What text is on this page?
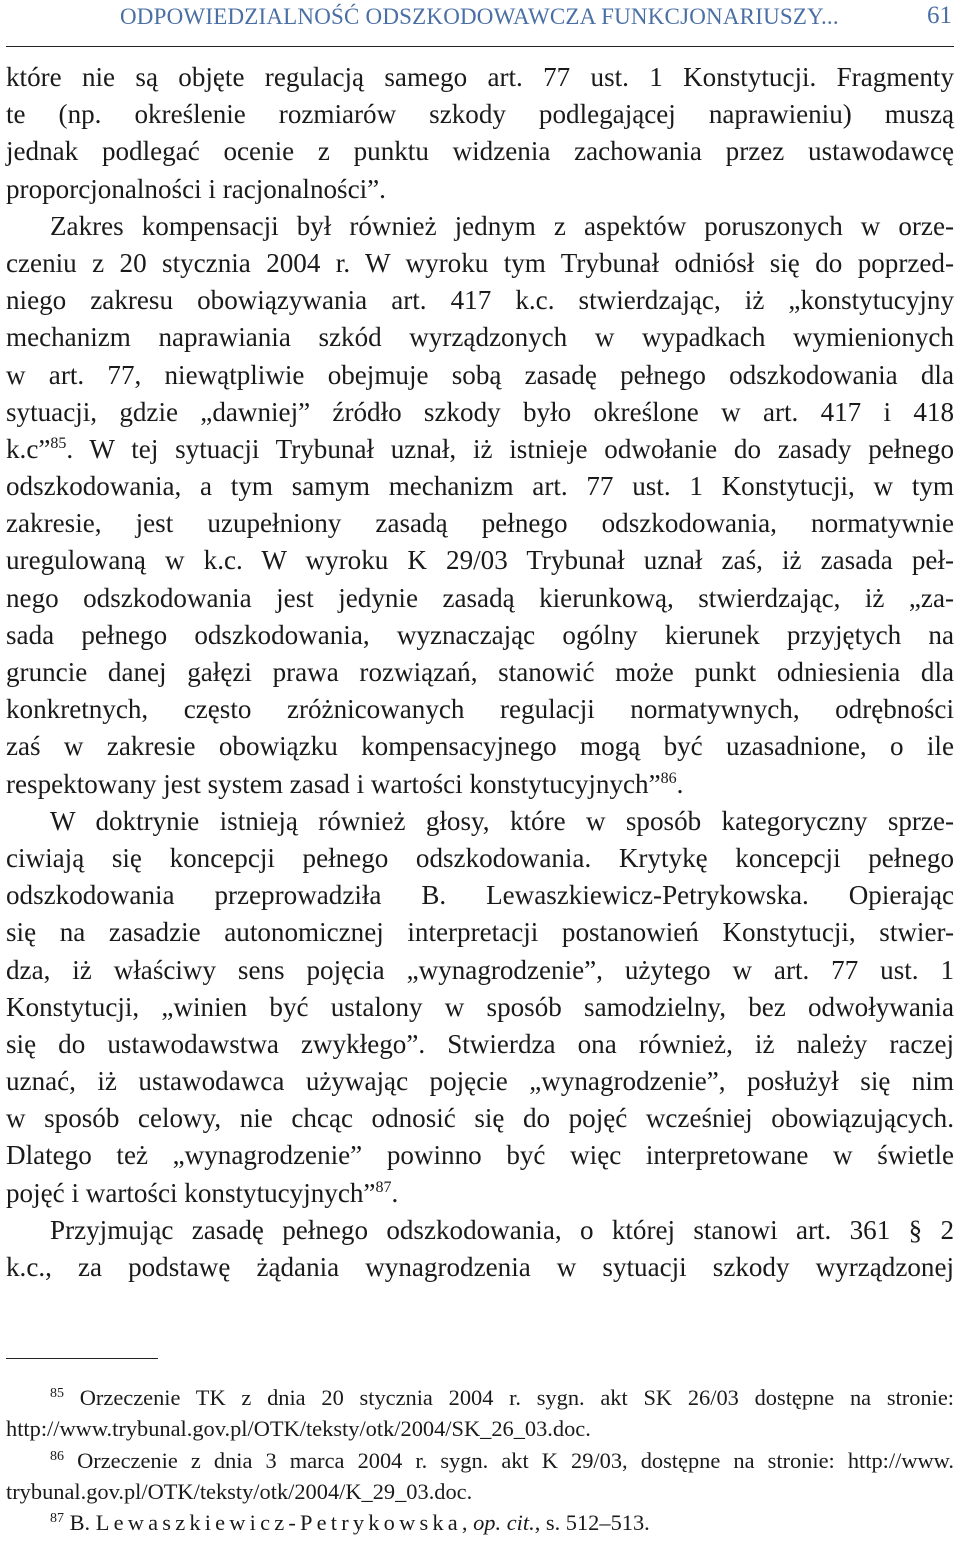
ODPOWIEDZIALNOŚĆ ODSZKODOWAWCZA FUNKCJONARIUSZY...	61
które nie są objęte regulacją samego art. 77 ust. 1 Konstytucji. Fragmenty
te (np. określenie rozmiarów szkody podlegającej naprawieniu) muszą
jednak podlegać ocenie z punktu widzenia zachowania przez ustawodawcę
proporcjonalności i racjonalności”.
Zakres kompensacji był również jednym z aspektów poruszonych w orze-
czeniu z 20 stycznia 2004 r. W wyroku tym Trybunał odniósł się do poprzed-
niego zakresu obowiązywania art. 417 k.c. stwierdzając, iż „konstytucyjny
mechanizm naprawiania szkód wyrządzonych w wypadkach wymienionych
w art. 77, niewątpliwie obejmuje sobą zasadę pełnego odszkodowania dla
sytuacji, gdzie „dawniej” źródło szkody było określone w art. 417 i 418
k.c”$^{85}$. W tej sytuacji Trybunał uznał, iż istnieje odwołanie do zasady pełnego
odszkodowania, a tym samym mechanizm art. 77 ust. 1 Konstytucji, w tym
zakresie, jest uzupełniony zasadą pełnego odszkodowania, normatywnie
uregulowaną w k.c. W wyroku K 29/03 Trybunał uznał zaś, iż zasada peł-
nego odszkodowania jest jedynie zasadą kierunkową, stwierdzając, iż „za-
sada pełnego odszkodowania, wyznaczając ogólny kierunek przyjętych na
gruncie danej gałęzi prawa rozwiązań, stanowić może punkt odniesienia dla
konkretnych, często zróżnicowanych regulacji normatywnych, odrębności
zaś w zakresie obowiązku kompensacyjnego mogą być uzasadnione, o ile
respektowany jest system zasad i wartości konstytucyjnych”$^{86}$.
W doktrynie istnieją również głosy, które w sposób kategoryczny sprze-
ciwiają się koncepcji pełnego odszkodowania. Krytykę koncepcji pełnego
odszkodowania przeprowadziła B. Lewaszkiewicz-Petrykowska. Opierając
się na zasadzie autonomicznej interpretacji postanowień Konstytucji, stwier-
dza, iż właściwy sens pojęcia „wynagrodzenie”, użytego w art. 77 ust. 1
Konstytucji, „winien być ustalony w sposób samodzielny, bez odwoływania
się do ustawodawstwa zwykłego”. Stwierdza ona również, iż należy raczej
uznać, iż ustawodawca używając pojęcie „wynagrodzenie”, posłużył się nim
w sposób celowy, nie chcąc odnosić się do pojęć wcześniej obowiązujących.
Dlatego też „wynagrodzenie” powinno być więc interpretowane w świetle
pojęć i wartości konstytucyjnych”$^{87}$.
Przyjmując zasadę pełnego odszkodowania, o której stanowi art. 361 § 2
k.c., za podstawę żądania wynagrodzenia w sytuacji szkody wyrządzonej
$^{85}$ Orzeczenie TK z dnia 20 stycznia 2004 r. sygn. akt SK 26/03 dostępne na stronie:
http://www.trybunal.gov.pl/OTK/teksty/otk/2004/SK_26_03.doc.
$^{86}$ Orzeczenie z dnia 3 marca 2004 r. sygn. akt K 29/03, dostępne na stronie: http://www.
trybunal.gov.pl/OTK/teksty/otk/2004/K_29_03.doc.
$^{87}$ B. Lewaszkiewicz-Petrykowska, op. cit., s. 512–513.
